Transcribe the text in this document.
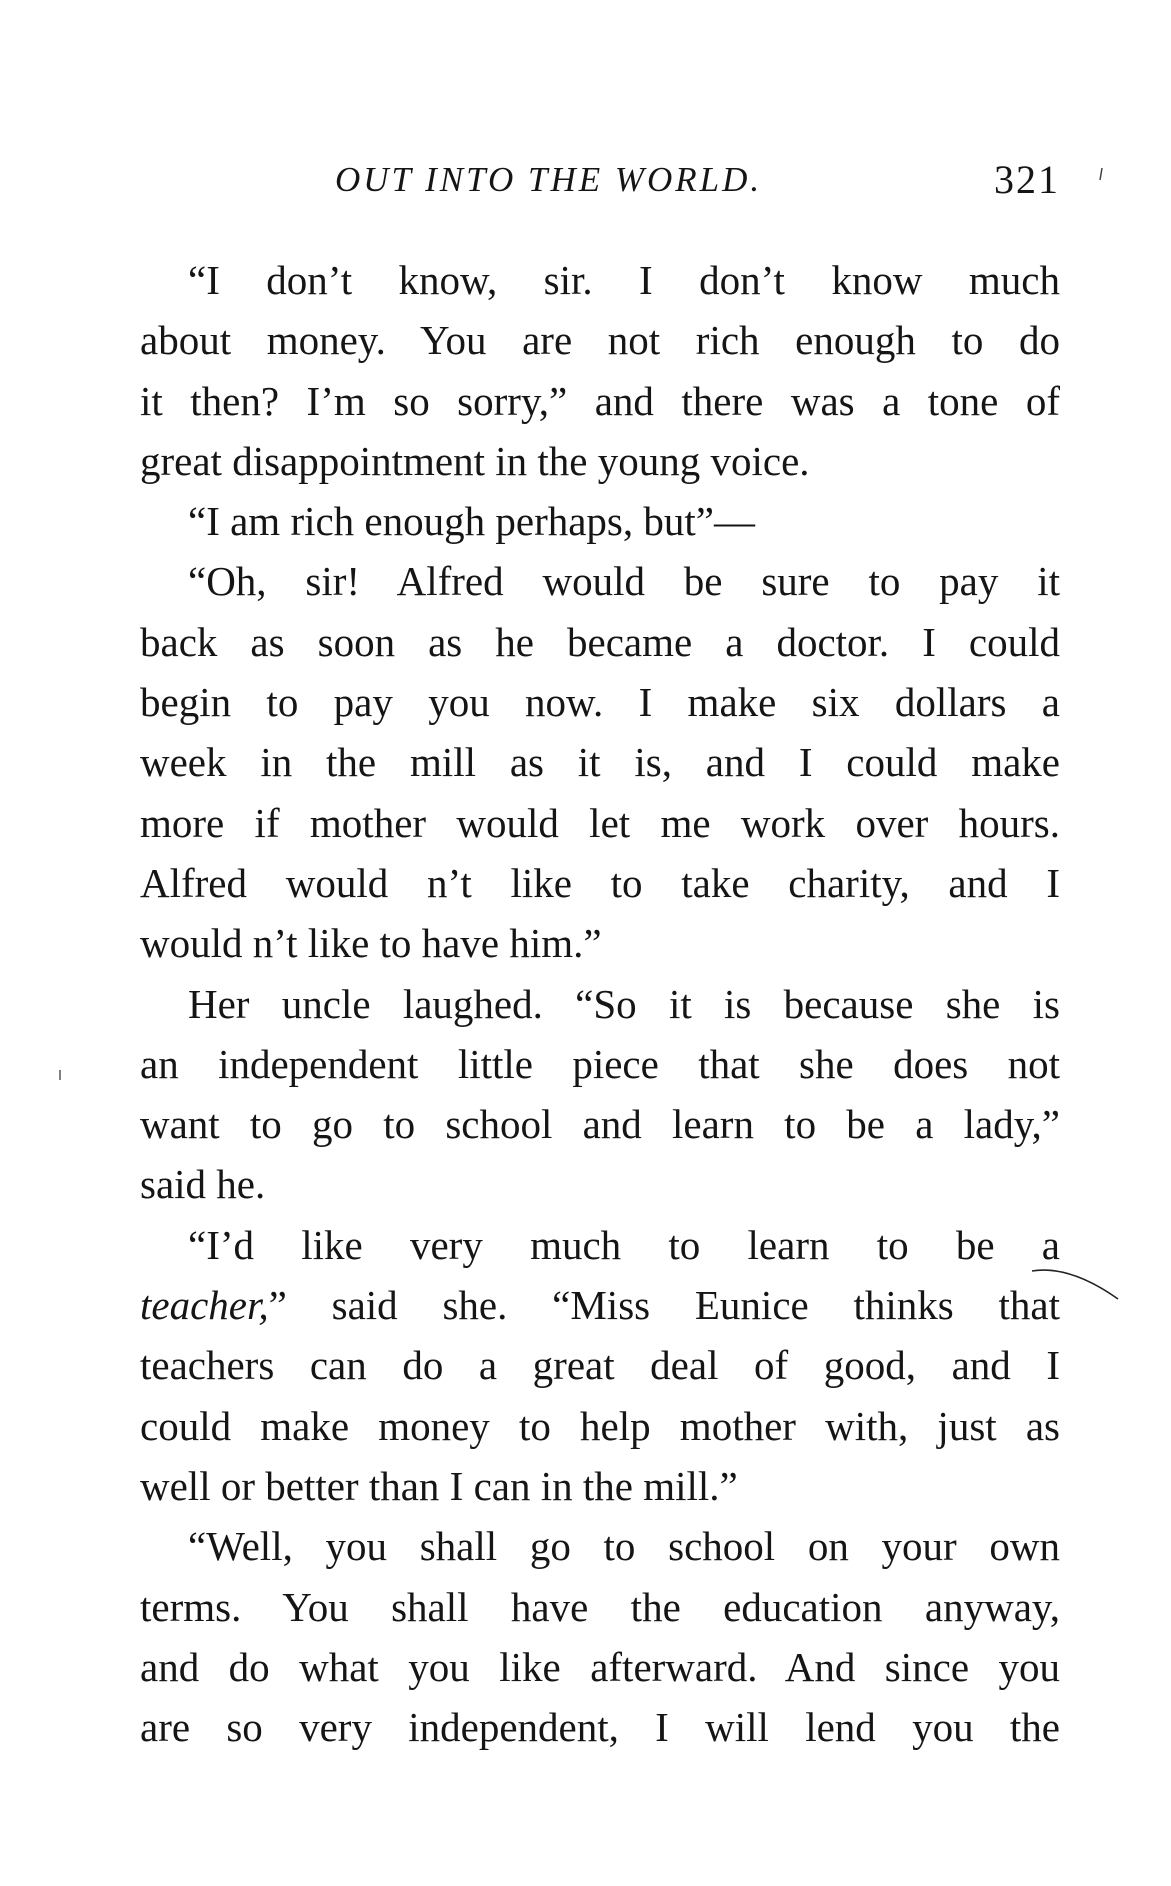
OUT INTO THE WORLD.	321
“I don’t know, sir. I don’t know much
about money. You are not rich enough to do
it then? I’m so sorry,” and there was a tone of
great disappointment in the young voice.
“I am rich enough perhaps, but”—
“Oh, sir! Alfred would be sure to pay it
back as soon as he became a doctor. I could
begin to pay you now. I make six dollars a
week in the mill as it is, and I could make
more if mother would let me work over hours.
Alfred would n’t like to take charity, and I
would n’t like to have him.”
Her uncle laughed. “So it is because she is
an independent little piece that she does not
want to go to school and learn to be a lady,”
said he.
“I’d like very much to learn to be a
teacher, ” said she. “Miss Eunice thinks that
teachers can do a great deal of good, and I
could make money to help mother with, just as
well or better than I can in the mill.”
“Well, you shall go to school on your own
terms. You shall have the education anyway,
and do what you like afterward. And since you
are so very independent, I will lend you the
